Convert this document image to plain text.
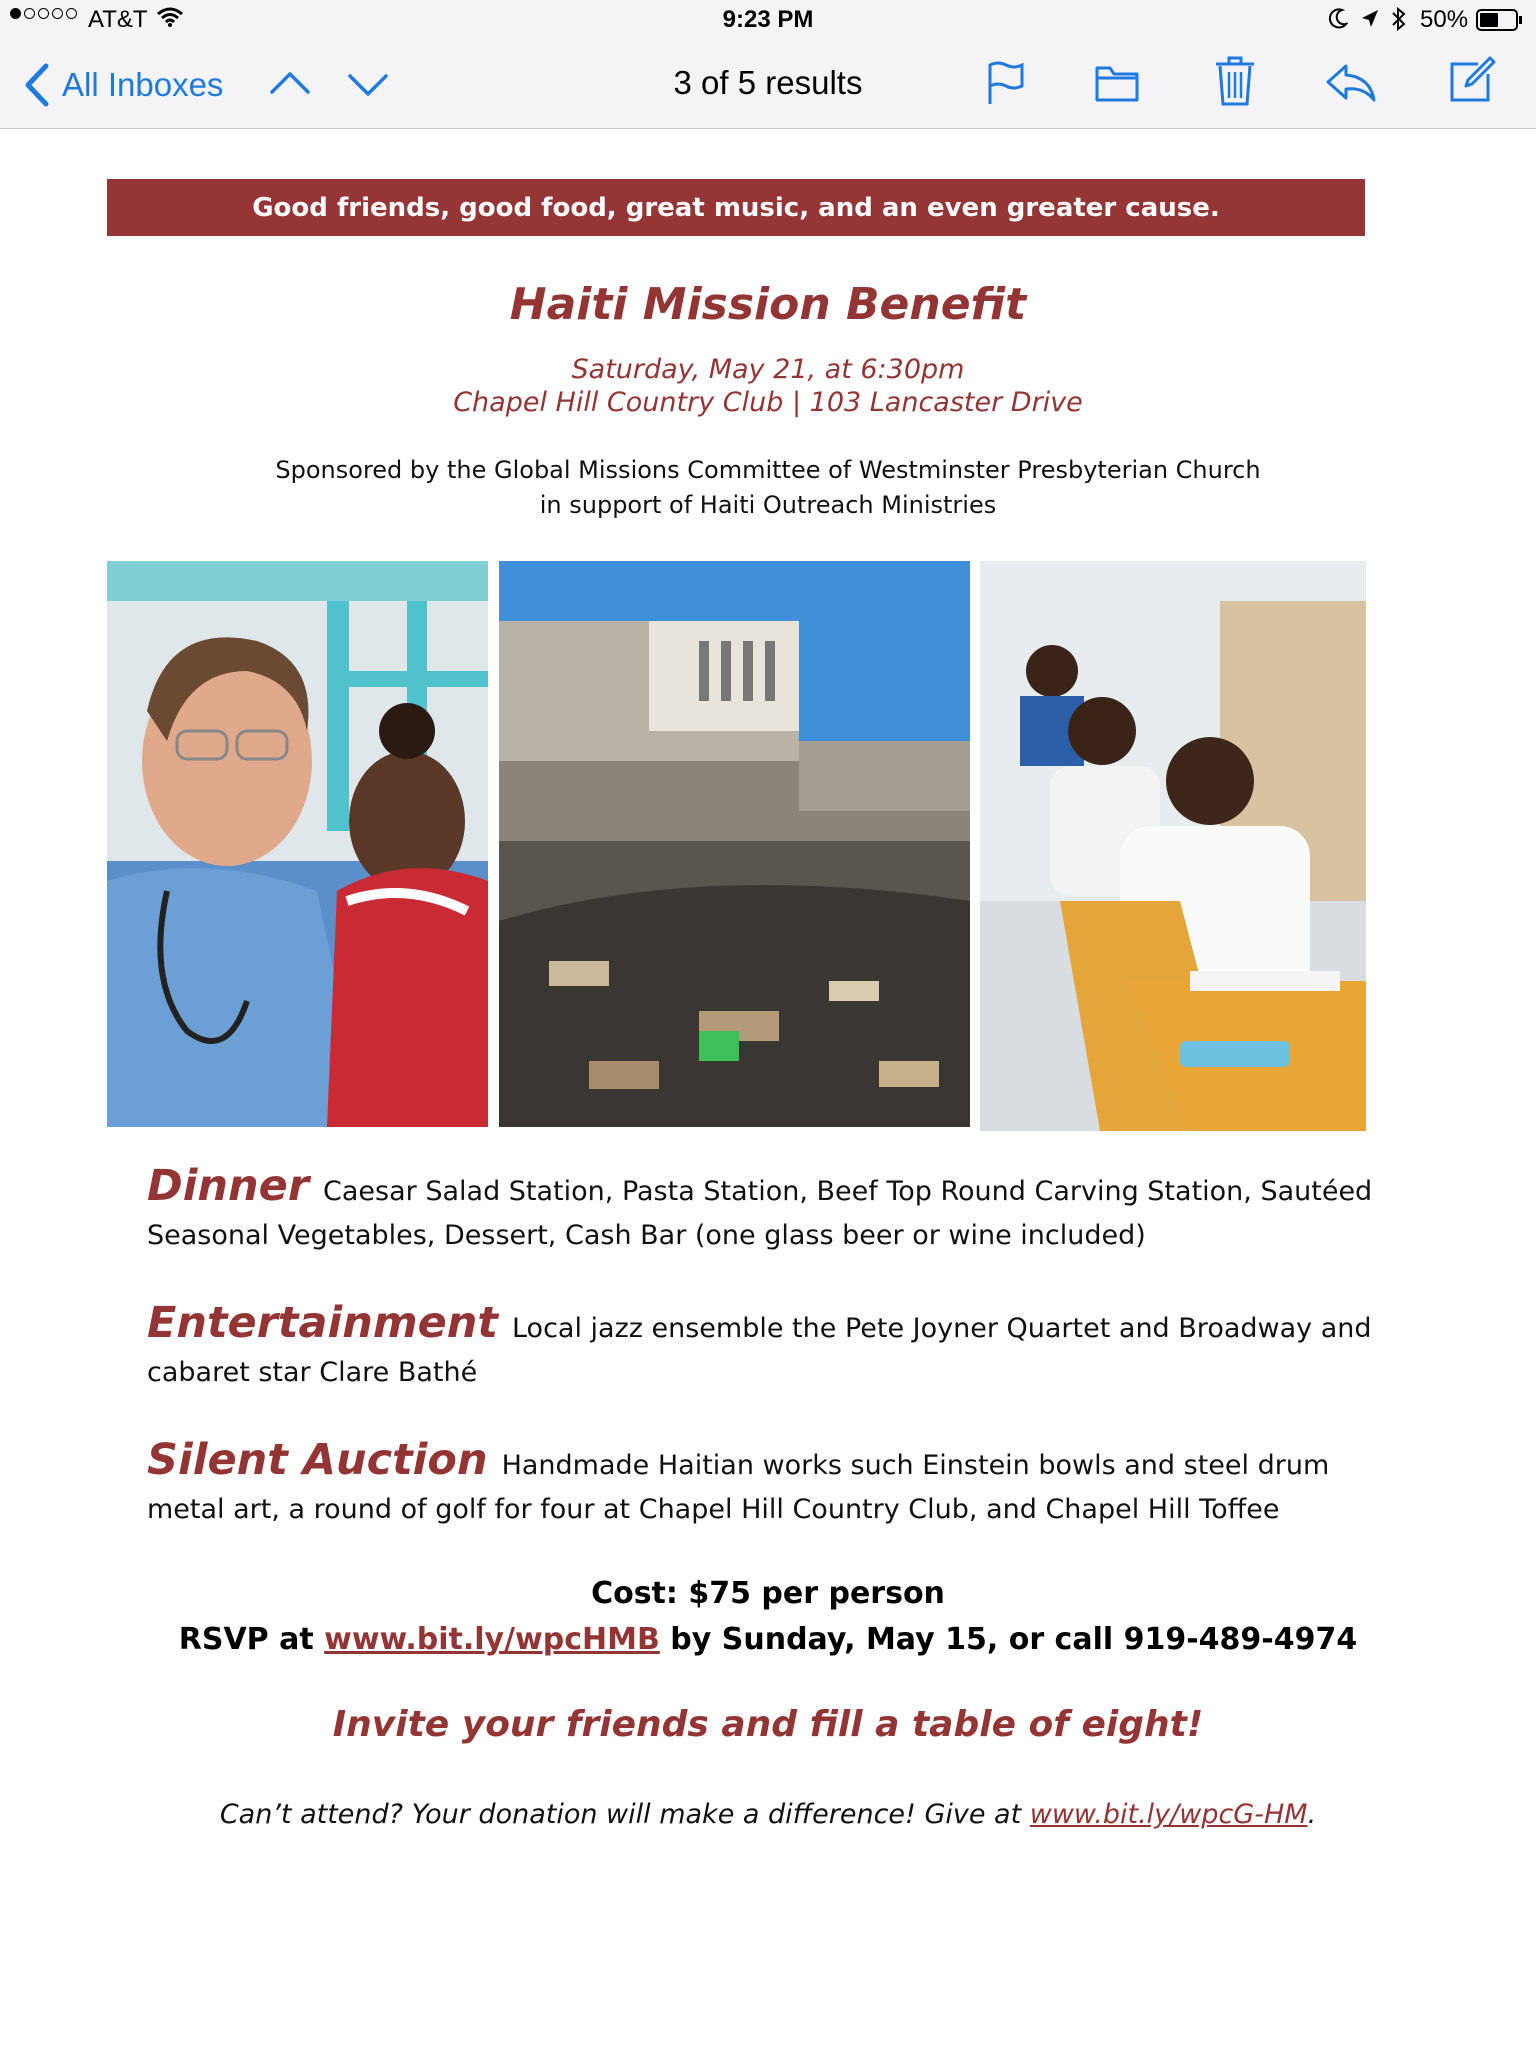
AT&T	9:23 PM	50%
All Inboxes	3 of 5 results
Good friends, good food, great music, and an even greater cause.
Haiti Mission Benefit
Saturday, May 21, at 6:30pm
Chapel Hill Country Club | 103 Lancaster Drive
Sponsored by the Global Missions Committee of Westminster Presbyterian Church
in support of Haiti Outreach Ministries
Dinner Caesar Salad Station, Pasta Station, Beef Top Round Carving Station, Sautéed Seasonal Vegetables, Dessert, Cash Bar (one glass beer or wine included)
Entertainment Local jazz ensemble the Pete Joyner Quartet and Broadway and cabaret star Clare Bathé
Silent Auction Handmade Haitian works such Einstein bowls and steel drum metal art, a round of golf for four at Chapel Hill Country Club, and Chapel Hill Toffee
Cost: $75 per person
RSVP at www.bit.ly/wpcHMB by Sunday, May 15, or call 919-489-4974
Invite your friends and fill a table of eight!
Can’t attend? Your donation will make a difference! Give at www.bit.ly/wpcG-HM.
